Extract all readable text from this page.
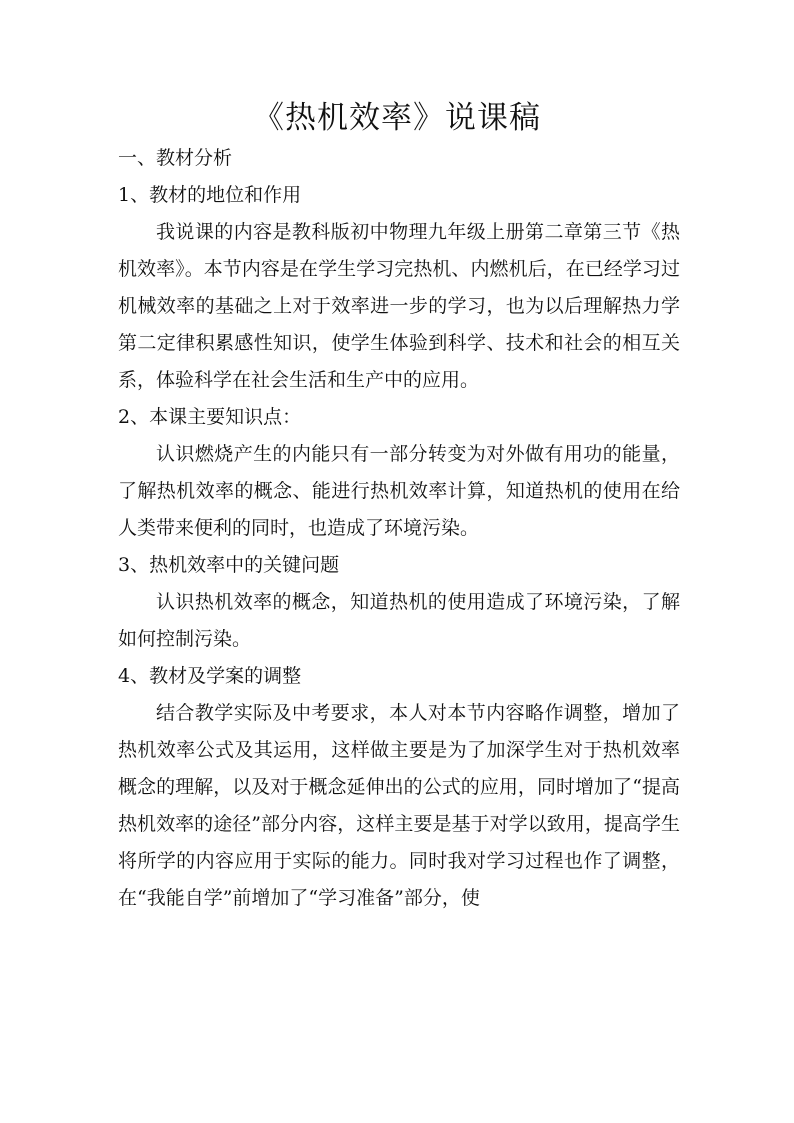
《热机效率》说课稿

一、教材分析

1、教材的地位和作用

我说课的内容是教科版初中物理九年级上册第二章第三节《热机效率》。本节内容是在学生学习完热机、内燃机后，在已经学习过机械效率的基础之上对于效率进一步的学习，也为以后理解热力学第二定律积累感性知识，使学生体验到科学、技术和社会的相互关系，体验科学在社会生活和生产中的应用。

2、本课主要知识点：

认识燃烧产生的内能只有一部分转变为对外做有用功的能量，了解热机效率的概念、能进行热机效率计算，知道热机的使用在给人类带来便利的同时，也造成了环境污染。

3、热机效率中的关键问题

认识热机效率的概念，知道热机的使用造成了环境污染，了解如何控制污染。

4、教材及学案的调整

结合教学实际及中考要求，本人对本节内容略作调整，增加了热机效率公式及其运用，这样做主要是为了加深学生对于热机效率概念的理解，以及对于概念延伸出的公式的应用，同时增加了“提高热机效率的途径”部分内容，这样主要是基于对学以致用，提高学生将所学的内容应用于实际的能力。同时我对学习过程也作了调整，在“我能自学”前增加了“学习准备”部分，使
